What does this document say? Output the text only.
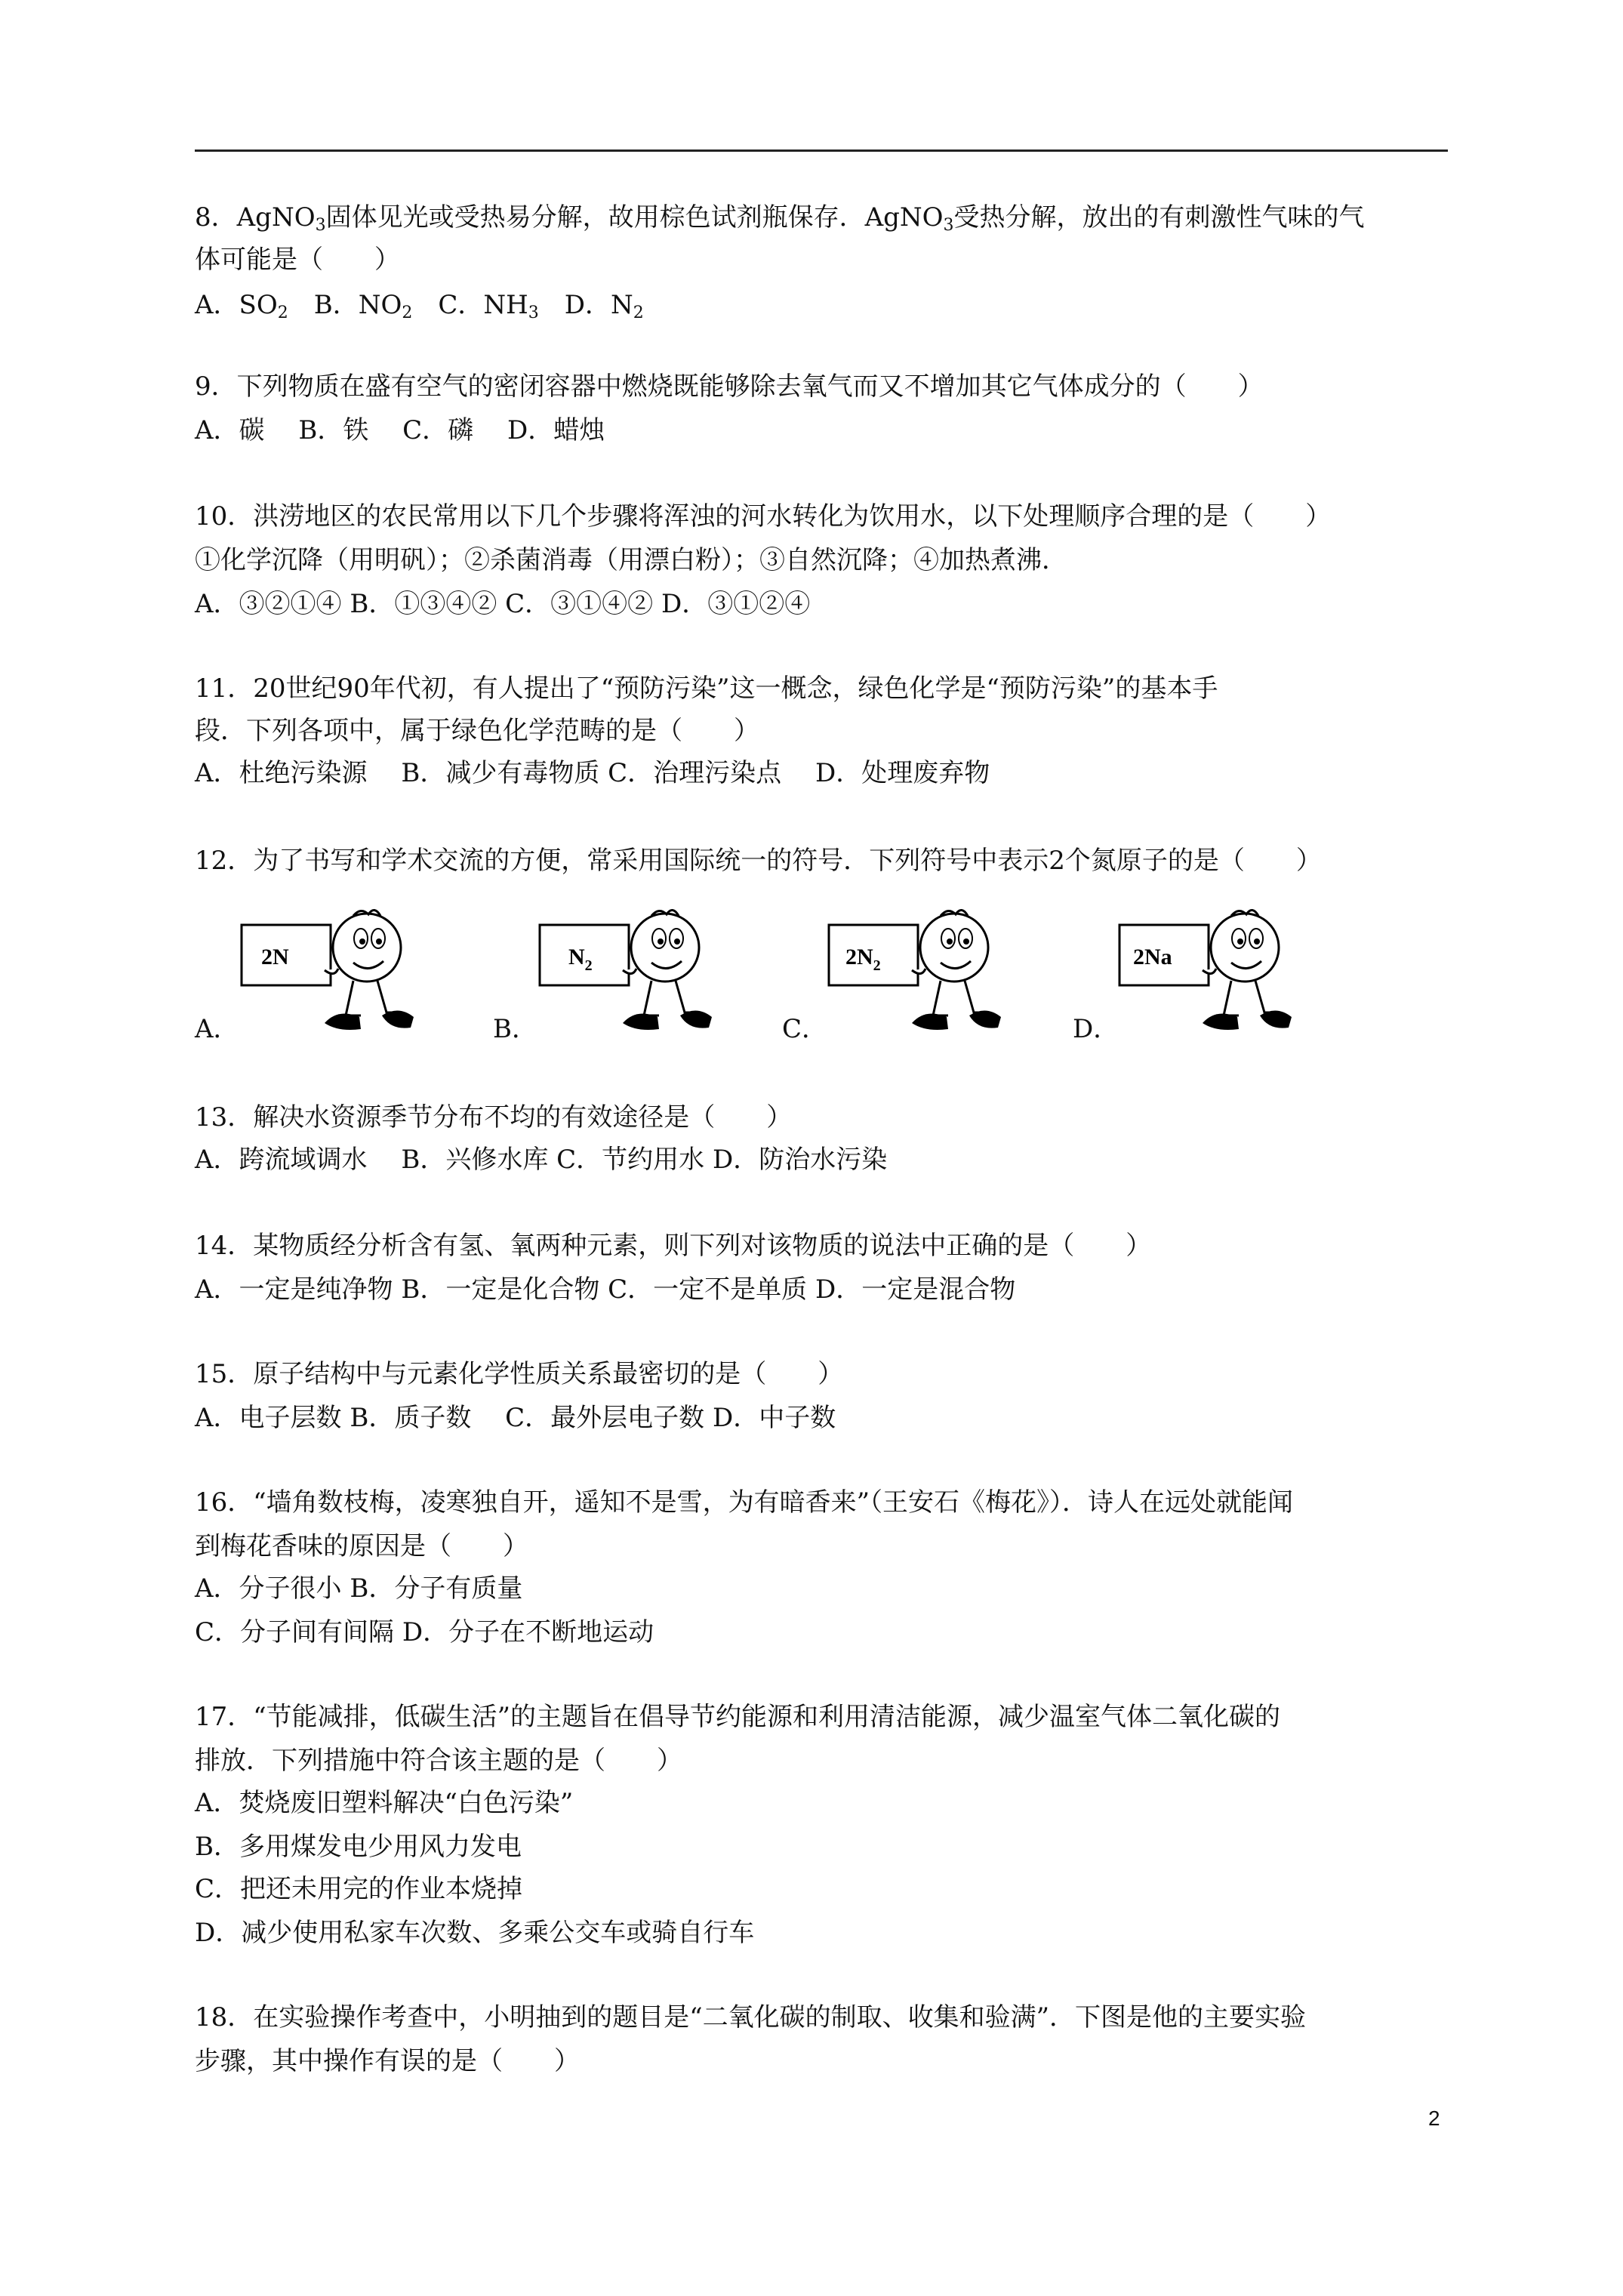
8．AgNO$_3$固体见光或受热易分解，故用棕色试剂瓶保存．AgNO$_3$受热分解，放出的有刺激性气味的气
体可能是（　　）
A．$SO_2$　B．$NO_2$　C．$NH_3$　D．$N_2$
9．下列物质在盛有空气的密闭容器中燃烧既能够除去氧气而又不增加其它气体成分的（　　）
A．碳　 B．铁　 C．磷　 D．蜡烛
10．洪涝地区的农民常用以下几个步骤将浑浊的河水转化为饮用水，以下处理顺序合理的是（　　）
①化学沉降（用明矾）；②杀菌消毒（用漂白粉）；③自然沉降；④加热煮沸．
A．③②①④ B．①③④② C．③①④② D．③①②④
11．20世纪90年代初，有人提出了“预防污染”这一概念，绿色化学是“预防污染”的基本手
段．下列各项中，属于绿色化学范畴的是（　　）
A．杜绝污染源　 B．减少有毒物质 C．治理污染点　 D．处理废弃物
12．为了书写和学术交流的方便，常采用国际统一的符号．下列符号中表示2个氮原子的是（　　）
A．
2N
B．
$N_2$
C．
$2N_2$
D．
2Na
13．解决水资源季节分布不均的有效途径是（　　）
A．跨流域调水　 B．兴修水库 C．节约用水 D．防治水污染
14．某物质经分析含有氢、氧两种元素，则下列对该物质的说法中正确的是（　　）
A．一定是纯净物 B．一定是化合物 C．一定不是单质 D．一定是混合物
15．原子结构中与元素化学性质关系最密切的是（　　）
A．电子层数 B．质子数　 C．最外层电子数 D．中子数
16．“墙角数枝梅，凌寒独自开，遥知不是雪，为有暗香来”（王安石《梅花》）．诗人在远处就能闻
到梅花香味的原因是（　　）
A．分子很小 B．分子有质量
C．分子间有间隔 D．分子在不断地运动
17．“节能减排，低碳生活”的主题旨在倡导节约能源和利用清洁能源，减少温室气体二氧化碳的
排放．下列措施中符合该主题的是（　　）
A．焚烧废旧塑料解决“白色污染”
B．多用煤发电少用风力发电
C．把还未用完的作业本烧掉
D．减少使用私家车次数、多乘公交车或骑自行车
18．在实验操作考查中，小明抽到的题目是“二氧化碳的制取、收集和验满”．下图是他的主要实验
步骤，其中操作有误的是（　　）
2
